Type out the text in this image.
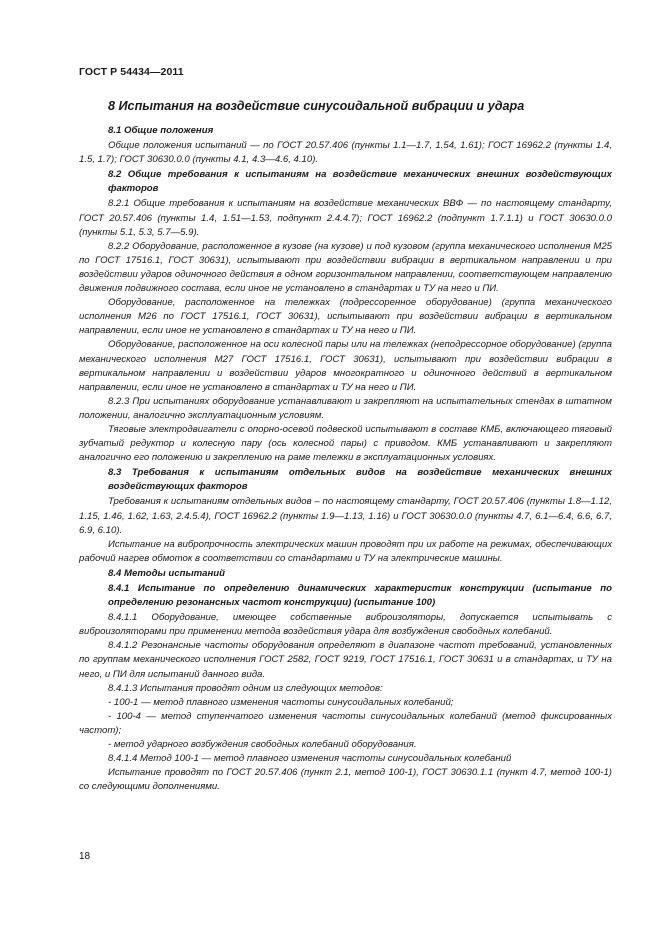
ГОСТ Р 54434—2011
8 Испытания на воздействие синусоидальной вибрации и удара

8.1 Общие положения

Общие положения испытаний — по ГОСТ 20.57.406 (пункты 1.1—1.7, 1.54, 1.61); ГОСТ 16962.2 (пункты 1.4, 1.5, 1.7); ГОСТ 30630.0.0 (пункты 4.1, 4.3—4.6, 4.10).

8.2 Общие требования к испытаниям на воздействие механических внешних воздействующих факторов

8.2.1 Общие требования к испытаниям на воздействие механических ВВФ — по настоящему стандарту, ГОСТ 20.57.406 (пункты 1.4, 1.51—1.53, подпункт 2.4.4.7); ГОСТ 16962.2 (подпункт 1.7.1.1) и ГОСТ 30630.0.0 (пункты 5.1, 5.3, 5.7—5.9).

8.2.2 Оборудование, расположенное в кузове (на кузове) и под кузовом (группа механического исполнения М25 по ГОСТ 17516.1, ГОСТ 30631), испытывают при воздействии вибрации в вертикальном направлении и при воздействии ударов одиночного действия в одном горизонтальном направлении, соответствующем направлению движения подвижного состава, если иное не установлено в стандартах и ТУ на него и ПИ.

Оборудование, расположенное на тележках (подрессоренное оборудование) (группа механического исполнения М26 по ГОСТ 17516.1, ГОСТ 30631), испытывают при воздействии вибрации в вертикальном направлении, если иное не установлено в стандартах и ТУ на него и ПИ.

Оборудование, расположенное на оси колесной пары или на тележках (неподрессорное оборудование) (группа механического исполнения М27 ГОСТ 17516.1, ГОСТ 30631), испытывают при воздействии вибрации в вертикальном направлении и воздействии ударов многократного и одиночного действий в вертикальном направлении, если иное не установлено в стандартах и ТУ на него и ПИ.

8.2.3 При испытаниях оборудование устанавливают и закрепляют на испытательных стендах в штатном положении, аналогично эксплуатационным условиям.

Тяговые электродвигатели с опорно-осевой подвеской испытывают в составе КМБ, включающего тяговый зубчатый редуктор и колесную пару (ось колесной пары) с приводом. КМБ устанавливают и закрепляют аналогично его положению и закреплению на раме тележки в эксплуатационных условиях.

8.3 Требования к испытаниям отдельных видов на воздействие механических внешних воздействующих факторов

Требования к испытаниям отдельных видов – по настоящему стандарту, ГОСТ 20.57.406 (пункты 1.8—1.12, 1.15, 1.46, 1.62, 1.63, 2.4.5.4), ГОСТ 16962.2 (пункты 1.9—1.13, 1.16) и ГОСТ 30630.0.0 (пункты 4.7, 6.1—6.4, 6.6, 6.7, 6.9, 6.10).

Испытание на вибропрочность электрических машин проводят при их работе на режимах, обеспечивающих рабочий нагрев обмоток в соответствии со стандартами и ТУ на электрические машины.

8.4 Методы испытаний

8.4.1 Испытание по определению динамических характеристик конструкции (испытание по определению резонансных частот конструкции) (испытание 100)

8.4.1.1 Оборудование, имеющее собственные виброизоляторы, допускается испытывать с виброизоляторами при применении метода воздействия удара для возбуждения свободных колебаний.

8.4.1.2 Резонансные частоты оборудования определяют в диапазоне частот требований, установленных по группам механического исполнения ГОСТ 2582, ГОСТ 9219, ГОСТ 17516.1, ГОСТ 30631 и в стандартах, и ТУ на него, и ПИ для испытаний данного вида.

8.4.1.3 Испытания проводят одним из следующих методов:

- 100-1 — метод плавного изменения частоты синусоидальных колебаний;

- 100-4 — метод ступенчатого изменения частоты синусоидальных колебаний (метод фиксированных частот);

- метод ударного возбуждения свободных колебаний оборудования.

8.4.1.4 Метод 100-1 — метод плавного изменения частоты синусоидальных колебаний

Испытание проводят по ГОСТ 20.57.406 (пункт 2.1, метод 100-1), ГОСТ 30630.1.1 (пункт 4.7, метод 100-1) со следующими дополнениями.

18
